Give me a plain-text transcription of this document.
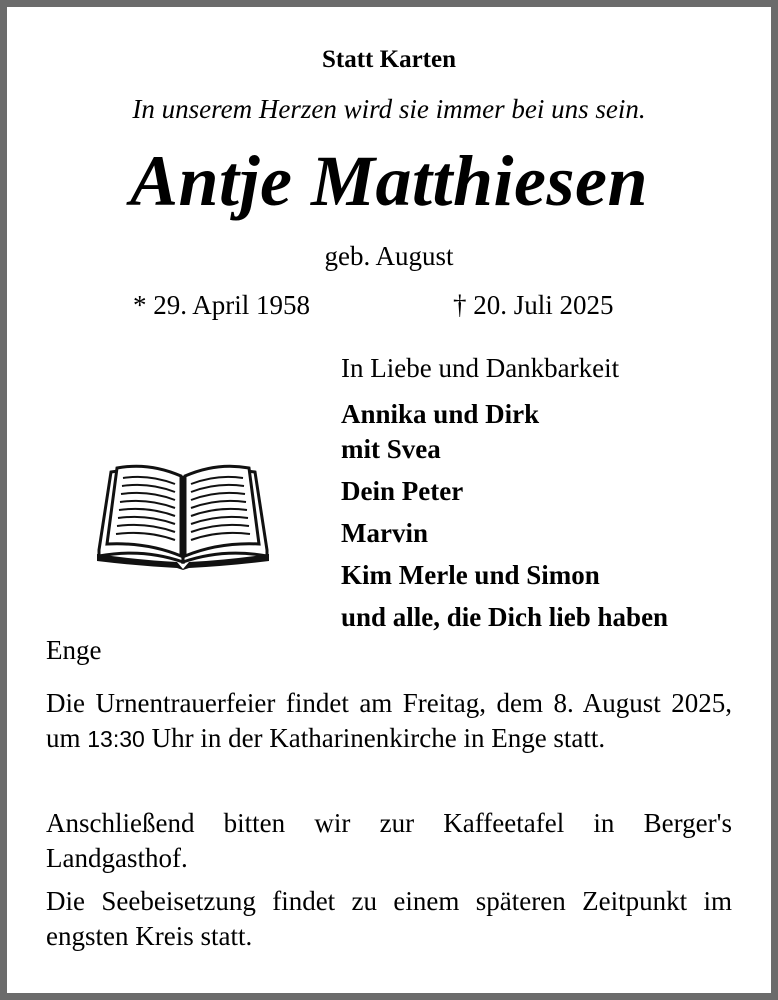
Statt Karten
In unserem Herzen wird sie immer bei uns sein.
Antje Matthiesen
geb. August
* 29. April 1958	† 20. Juli 2025
In Liebe und Dankbarkeit
Annika und Dirk
mit Svea
Dein Peter
Marvin
Kim Merle und Simon
und alle, die Dich lieb haben
Enge
Die Urnentrauerfeier findet am Freitag, dem 8. August 2025, um 13:30 Uhr in der Katharinenkirche in Enge statt.
Anschließend bitten wir zur Kaffeetafel in Berger's Landgasthof.
Die Seebeisetzung findet zu einem späteren Zeitpunkt im engsten Kreis statt.
